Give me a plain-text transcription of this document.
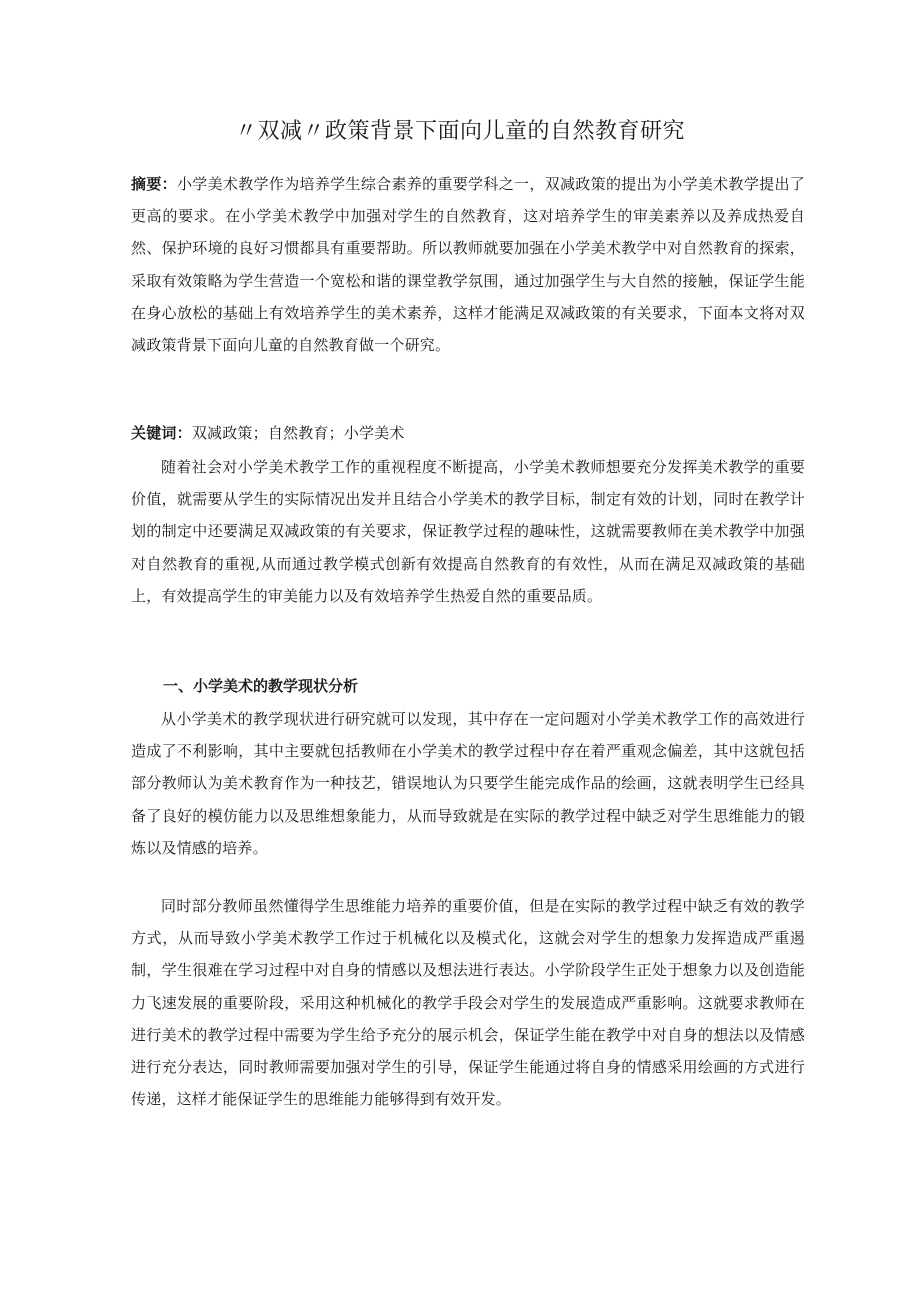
〃双减〃政策背景下面向儿童的自然教育研究

摘要：小学美术教学作为培养学生综合素养的重要学科之一，双减政策的提出为小学美术教学提出了更高的要求。在小学美术教学中加强对学生的自然教育，这对培养学生的审美素养以及养成热爱自然、保护环境的良好习惯都具有重要帮助。所以教师就要加强在小学美术教学中对自然教育的探索，采取有效策略为学生营造一个宽松和谐的课堂教学氛围，通过加强学生与大自然的接触，保证学生能在身心放松的基础上有效培养学生的美术素养，这样才能满足双减政策的有关要求，下面本文将对双减政策背景下面向儿童的自然教育做一个研究。

关键词：双减政策；自然教育；小学美术

随着社会对小学美术教学工作的重视程度不断提高，小学美术教师想要充分发挥美术教学的重要价值，就需要从学生的实际情况出发并且结合小学美术的教学目标，制定有效的计划，同时在教学计划的制定中还要满足双减政策的有关要求，保证教学过程的趣味性，这就需要教师在美术教学中加强对自然教育的重视,从而通过教学模式创新有效提高自然教育的有效性，从而在满足双减政策的基础上，有效提高学生的审美能力以及有效培养学生热爱自然的重要品质。

一、小学美术的教学现状分析

从小学美术的教学现状进行研究就可以发现，其中存在一定问题对小学美术教学工作的高效进行造成了不利影响，其中主要就包括教师在小学美术的教学过程中存在着严重观念偏差，其中这就包括部分教师认为美术教育作为一种技艺，错误地认为只要学生能完成作品的绘画，这就表明学生已经具备了良好的模仿能力以及思维想象能力，从而导致就是在实际的教学过程中缺乏对学生思维能力的锻炼以及情感的培养。

同时部分教师虽然懂得学生思维能力培养的重要价值，但是在实际的教学过程中缺乏有效的教学方式，从而导致小学美术教学工作过于机械化以及模式化，这就会对学生的想象力发挥造成严重遏制，学生很难在学习过程中对自身的情感以及想法进行表达。小学阶段学生正处于想象力以及创造能力飞速发展的重要阶段，采用这种机械化的教学手段会对学生的发展造成严重影响。这就要求教师在进行美术的教学过程中需要为学生给予充分的展示机会，保证学生能在教学中对自身的想法以及情感进行充分表达，同时教师需要加强对学生的引导，保证学生能通过将自身的情感采用绘画的方式进行传递，这样才能保证学生的思维能力能够得到有效开发。
